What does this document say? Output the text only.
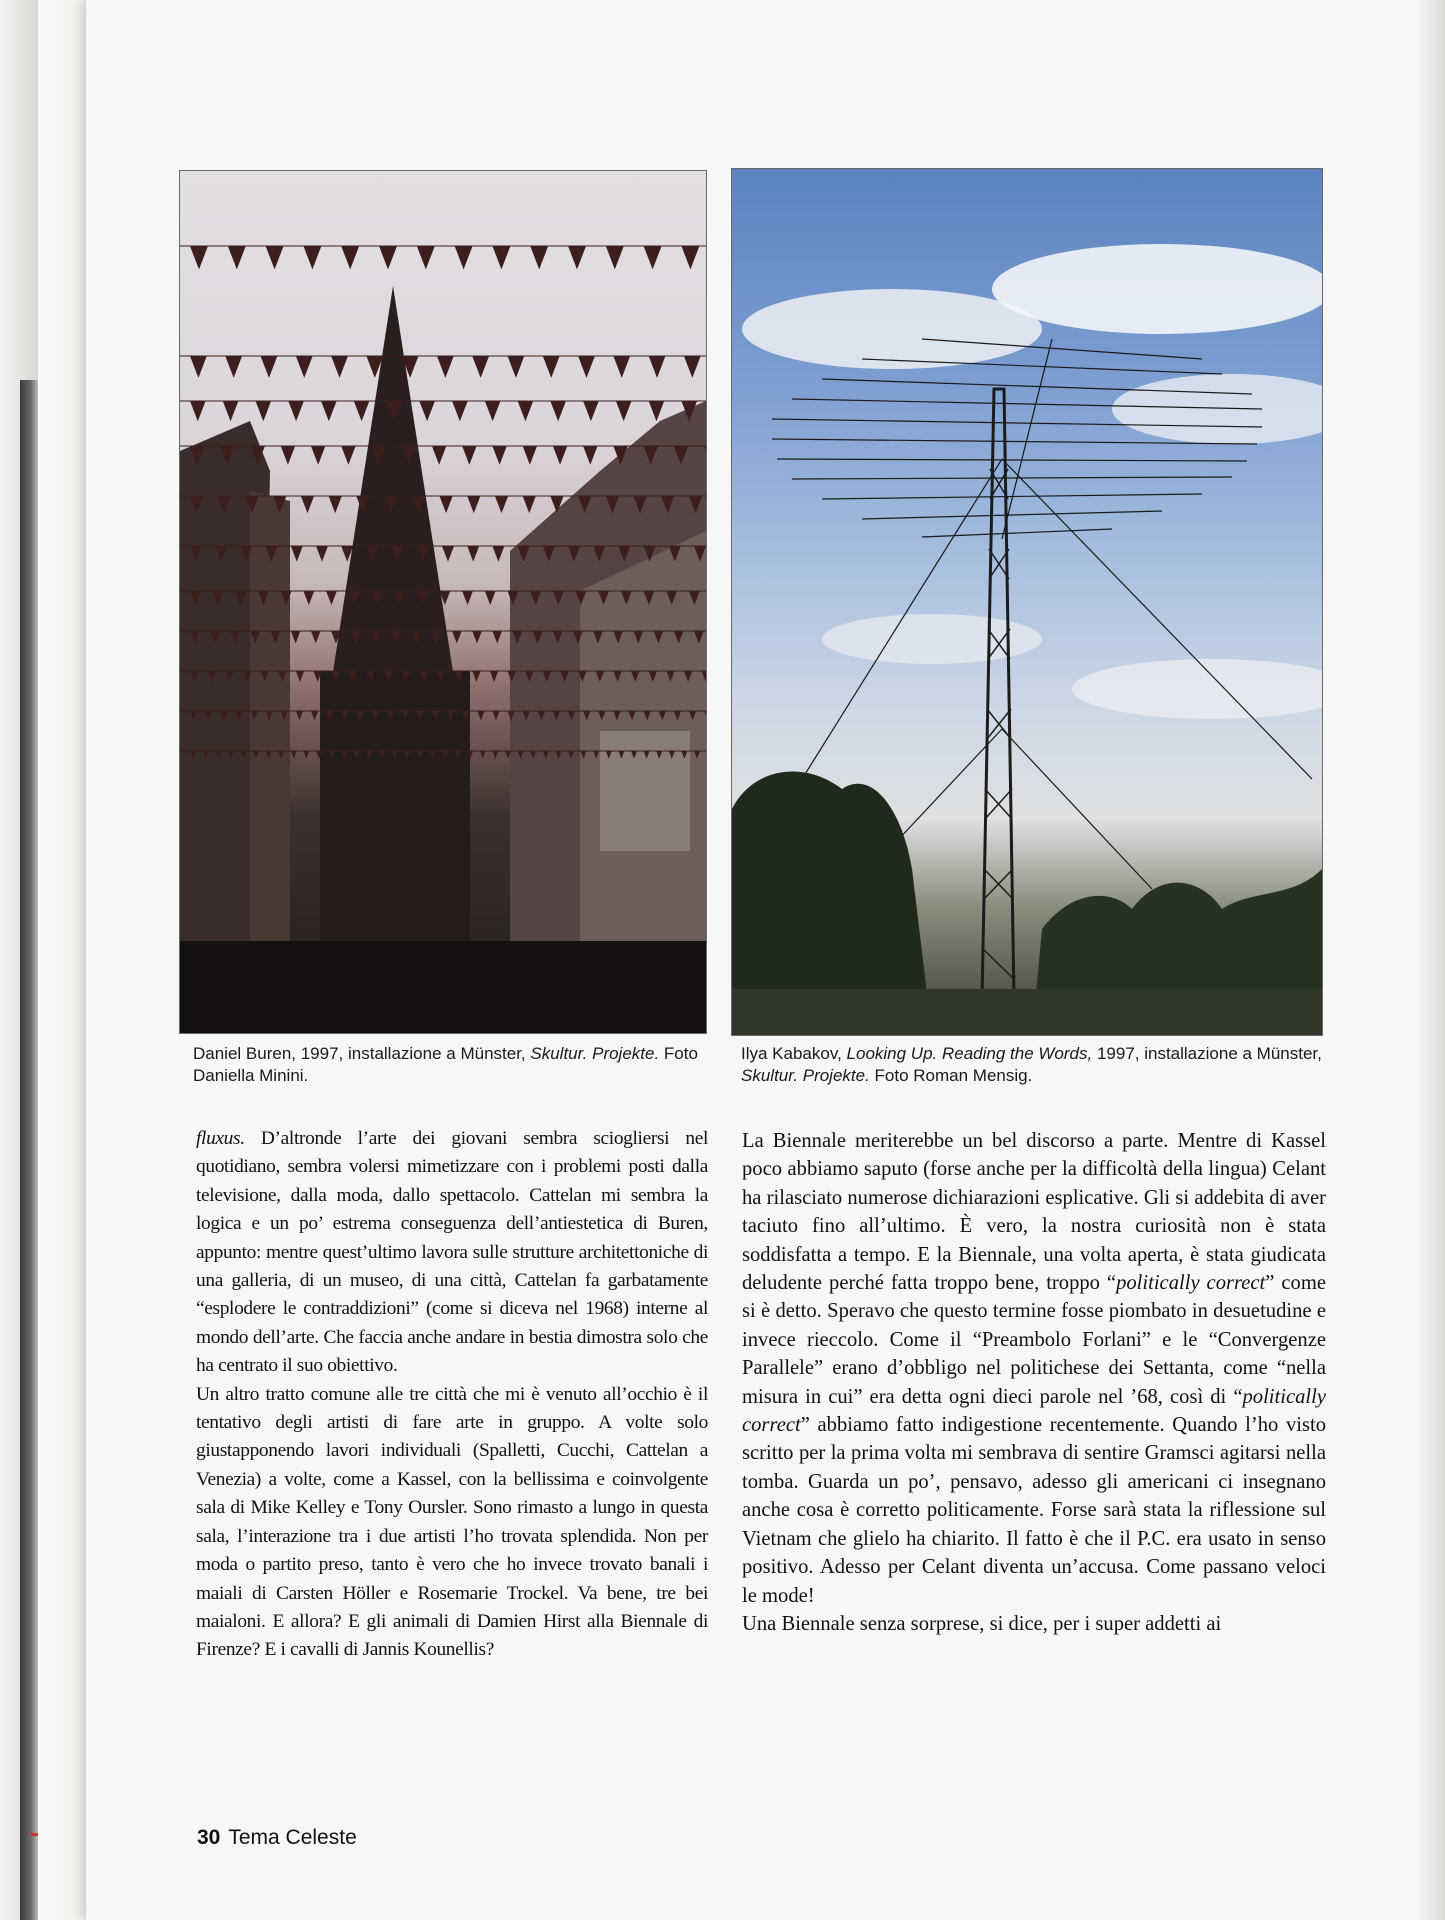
Daniel Buren, 1997, installazione a Münster, Skultur. Projekte. Foto Daniella Minini.
Ilya Kabakov, Looking Up. Reading the Words, 1997, installazione a Münster, Skultur. Projekte. Foto Roman Mensig.

fluxus. D’altronde l’arte dei giovani sembra sciogliersi nel quotidiano, sembra volersi mimetizzare con i problemi posti dalla televisione, dalla moda, dallo spettacolo. Cattelan mi sembra la logica e un po’ estrema conseguenza dell’antiestetica di Buren, appunto: mentre quest’ultimo lavora sulle strutture architettoniche di una galleria, di un museo, di una città, Cattelan fa garbatamente “esplodere le contraddizioni” (come si diceva nel 1968) interne al mondo dell’arte. Che faccia anche andare in bestia dimostra solo che ha centrato il suo obiettivo.

Un altro tratto comune alle tre città che mi è venuto all’occhio è il tentativo degli artisti di fare arte in gruppo. A volte solo giustapponendo lavori individuali (Spalletti, Cucchi, Cattelan a Venezia) a volte, come a Kassel, con la bellissima e coinvolgente sala di Mike Kelley e Tony Oursler. Sono rimasto a lungo in questa sala, l’interazione tra i due artisti l’ho trovata splendida. Non per moda o partito preso, tanto è vero che ho invece trovato banali i maiali di Carsten Höller e Rosemarie Trockel. Va bene, tre bei maialoni. E allora? E gli animali di Damien Hirst alla Biennale di Firenze? E i cavalli di Jannis Kounellis?

La Biennale meriterebbe un bel discorso a parte. Mentre di Kassel poco abbiamo saputo (forse anche per la difficoltà della lingua) Celant ha rilasciato numerose dichiarazioni esplicative. Gli si addebita di aver taciuto fino all’ultimo. È vero, la nostra curiosità non è stata soddisfatta a tempo. E la Biennale, una volta aperta, è stata giudicata deludente perché fatta troppo bene, troppo “politically correct” come si è detto. Speravo che questo termine fosse piombato in desuetudine e invece rieccolo. Come il “Preambolo Forlani” e le “Convergenze Parallele” erano d’obbligo nel politichese dei Settanta, come “nella misura in cui” era detta ogni dieci parole nel ’68, così di “politically correct” abbiamo fatto indigestione recentemente. Quando l’ho visto scritto per la prima volta mi sembrava di sentire Gramsci agitarsi nella tomba. Guarda un po’, pensavo, adesso gli americani ci insegnano anche cosa è corretto politicamente. Forse sarà stata la riflessione sul Vietnam che glielo ha chiarito. Il fatto è che il P.C. era usato in senso positivo. Adesso per Celant diventa un’accusa. Come passano veloci le mode!

Una Biennale senza sorprese, si dice, per i super addetti ai

30 Tema Celeste
